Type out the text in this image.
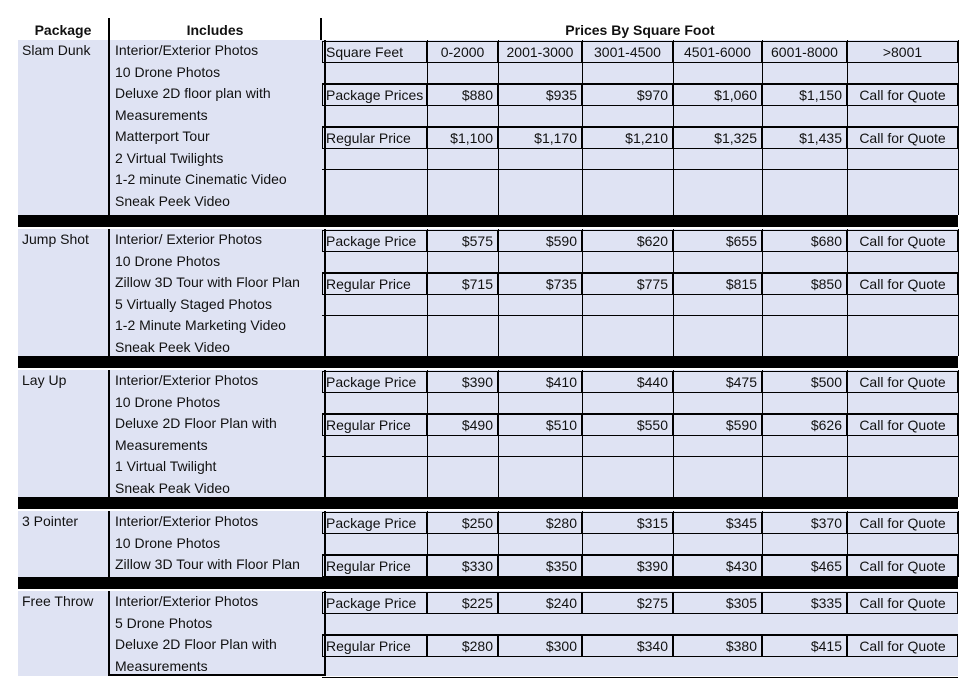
Package	Includes	Prices By Square Foot
Slam Dunk	Interior/Exterior Photos
10 Drone Photos
Deluxe 2D floor plan with
Measurements
Matterport Tour
2 Virtual Twilights
1-2 minute Cinematic Video
Sneak Peek Video
Square Feet	0-2000	2001-3000	3001-4500	4501-6000	6001-8000	>8001
Package Prices	$880	$935	$970	$1,060	$1,150	Call for Quote
Regular Price	$1,100	$1,170	$1,210	$1,325	$1,435	Call for Quote
Jump Shot	Interior/ Exterior Photos
10 Drone Photos
Zillow 3D Tour with Floor Plan
5 Virtually Staged Photos
1-2 Minute Marketing Video
Sneak Peek Video
Package Price	$575	$590	$620	$655	$680	Call for Quote
Regular Price	$715	$735	$775	$815	$850	Call for Quote
Lay Up	Interior/Exterior Photos
10 Drone Photos
Deluxe 2D Floor Plan with
Measurements
1 Virtual Twilight
Sneak Peak Video
Package Price	$390	$410	$440	$475	$500	Call for Quote
Regular Price	$490	$510	$550	$590	$626	Call for Quote
3 Pointer	Interior/Exterior Photos
10 Drone Photos
Zillow 3D Tour with Floor Plan
Package Price	$250	$280	$315	$345	$370	Call for Quote
Regular Price	$330	$350	$390	$430	$465	Call for Quote
Free Throw	Interior/Exterior Photos
5 Drone Photos
Deluxe 2D Floor Plan with
Measurements
Package Price	$225	$240	$275	$305	$335	Call for Quote
Regular Price	$280	$300	$340	$380	$415	Call for Quote
